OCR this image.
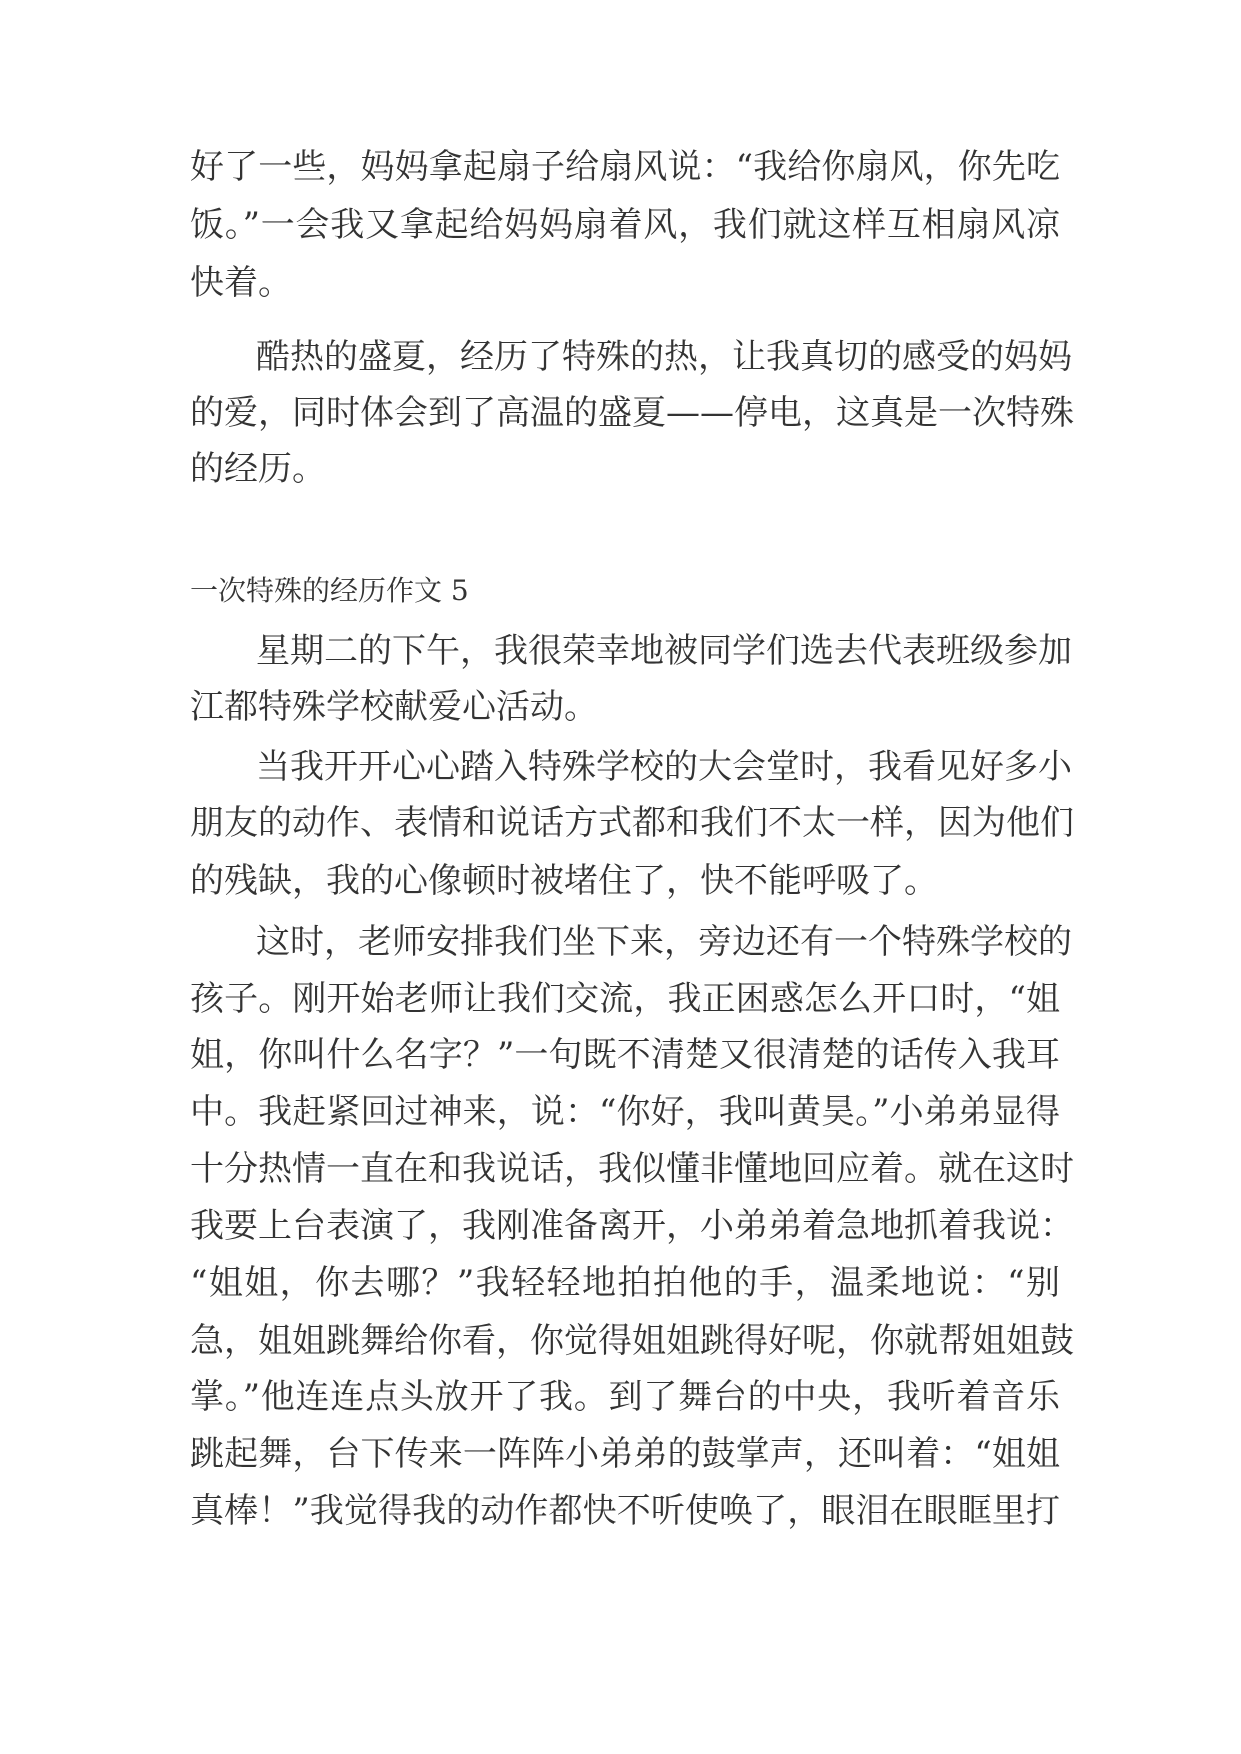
好了一些，妈妈拿起扇子给扇风说：“我给你扇风，你先吃
饭。”一会我又拿起给妈妈扇着风，我们就这样互相扇风凉
快着。
酷热的盛夏，经历了特殊的热，让我真切的感受的妈妈
的爱，同时体会到了高温的盛夏——停电，这真是一次特殊
的经历。
一次特殊的经历作文 5
星期二的下午，我很荣幸地被同学们选去代表班级参加
江都特殊学校献爱心活动。
当我开开心心踏入特殊学校的大会堂时，我看见好多小
朋友的动作、表情和说话方式都和我们不太一样，因为他们
的残缺，我的心像顿时被堵住了，快不能呼吸了。
这时，老师安排我们坐下来，旁边还有一个特殊学校的
孩子。刚开始老师让我们交流，我正困惑怎么开口时，“姐
姐，你叫什么名字？”一句既不清楚又很清楚的话传入我耳
中。我赶紧回过神来，说：“你好，我叫黄昊。”小弟弟显得
十分热情一直在和我说话，我似懂非懂地回应着。就在这时
我要上台表演了，我刚准备离开，小弟弟着急地抓着我说：
“姐姐，你去哪？”我轻轻地拍拍他的手，温柔地说：“别
急，姐姐跳舞给你看，你觉得姐姐跳得好呢，你就帮姐姐鼓
掌。”他连连点头放开了我。到了舞台的中央，我听着音乐
跳起舞，台下传来一阵阵小弟弟的鼓掌声，还叫着：“姐姐
真棒！”我觉得我的动作都快不听使唤了，眼泪在眼眶里打
